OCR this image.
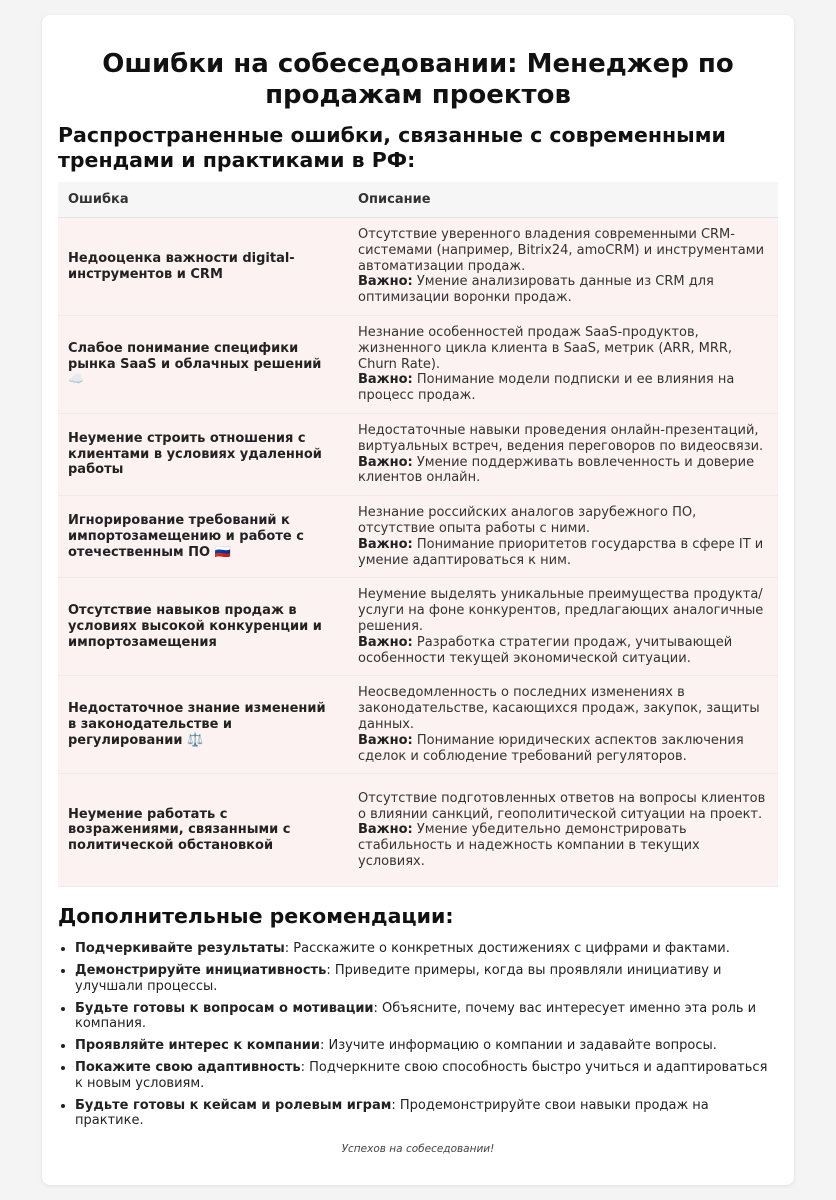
Ошибки на собеседовании: Менеджер по продажам проектов
Распространенные ошибки, связанные с современными трендами и практиками в РФ:
Ошибка	Описание
Недооценка важности digital-инструментов и CRM	Отсутствие уверенного владения современными CRM-системами (например, Bitrix24, amoCRM) и инструментами автоматизации продаж.
Важно: Умение анализировать данные из CRM для оптимизации воронки продаж.
Слабое понимание специфики рынка SaaS и облачных решений ☁️	Незнание особенностей продаж SaaS-продуктов, жизненного цикла клиента в SaaS, метрик (ARR, MRR, Churn Rate).
Важно: Понимание модели подписки и ее влияния на процесс продаж.
Неумение строить отношения с клиентами в условиях удаленной работы	Недостаточные навыки проведения онлайн-презентаций, виртуальных встреч, ведения переговоров по видеосвязи.
Важно: Умение поддерживать вовлеченность и доверие клиентов онлайн.
Игнорирование требований к импортозамещению и работе с отечественным ПО 🇷🇺	Незнание российских аналогов зарубежного ПО, отсутствие опыта работы с ними.
Важно: Понимание приоритетов государства в сфере IT и умение адаптироваться к ним.
Отсутствие навыков продаж в условиях высокой конкуренции и импортозамещения	Неумение выделять уникальные преимущества продукта/услуги на фоне конкурентов, предлагающих аналогичные решения.
Важно: Разработка стратегии продаж, учитывающей особенности текущей экономической ситуации.
Недостаточное знание изменений в законодательстве и регулировании ⚖️	Неосведомленность о последних изменениях в законодательстве, касающихся продаж, закупок, защиты данных.
Важно: Понимание юридических аспектов заключения сделок и соблюдение требований регуляторов.
Неумение работать с возражениями, связанными с политической обстановкой	Отсутствие подготовленных ответов на вопросы клиентов о влиянии санкций, геополитической ситуации на проект.
Важно: Умение убедительно демонстрировать стабильность и надежность компании в текущих условиях.
Дополнительные рекомендации:
• Подчеркивайте результаты: Расскажите о конкретных достижениях с цифрами и фактами.
• Демонстрируйте инициативность: Приведите примеры, когда вы проявляли инициативу и улучшали процессы.
• Будьте готовы к вопросам о мотивации: Объясните, почему вас интересует именно эта роль и компания.
• Проявляйте интерес к компании: Изучите информацию о компании и задавайте вопросы.
• Покажите свою адаптивность: Подчеркните свою способность быстро учиться и адаптироваться к новым условиям.
• Будьте готовы к кейсам и ролевым играм: Продемонстрируйте свои навыки продаж на практике.
Успехов на собеседовании!
